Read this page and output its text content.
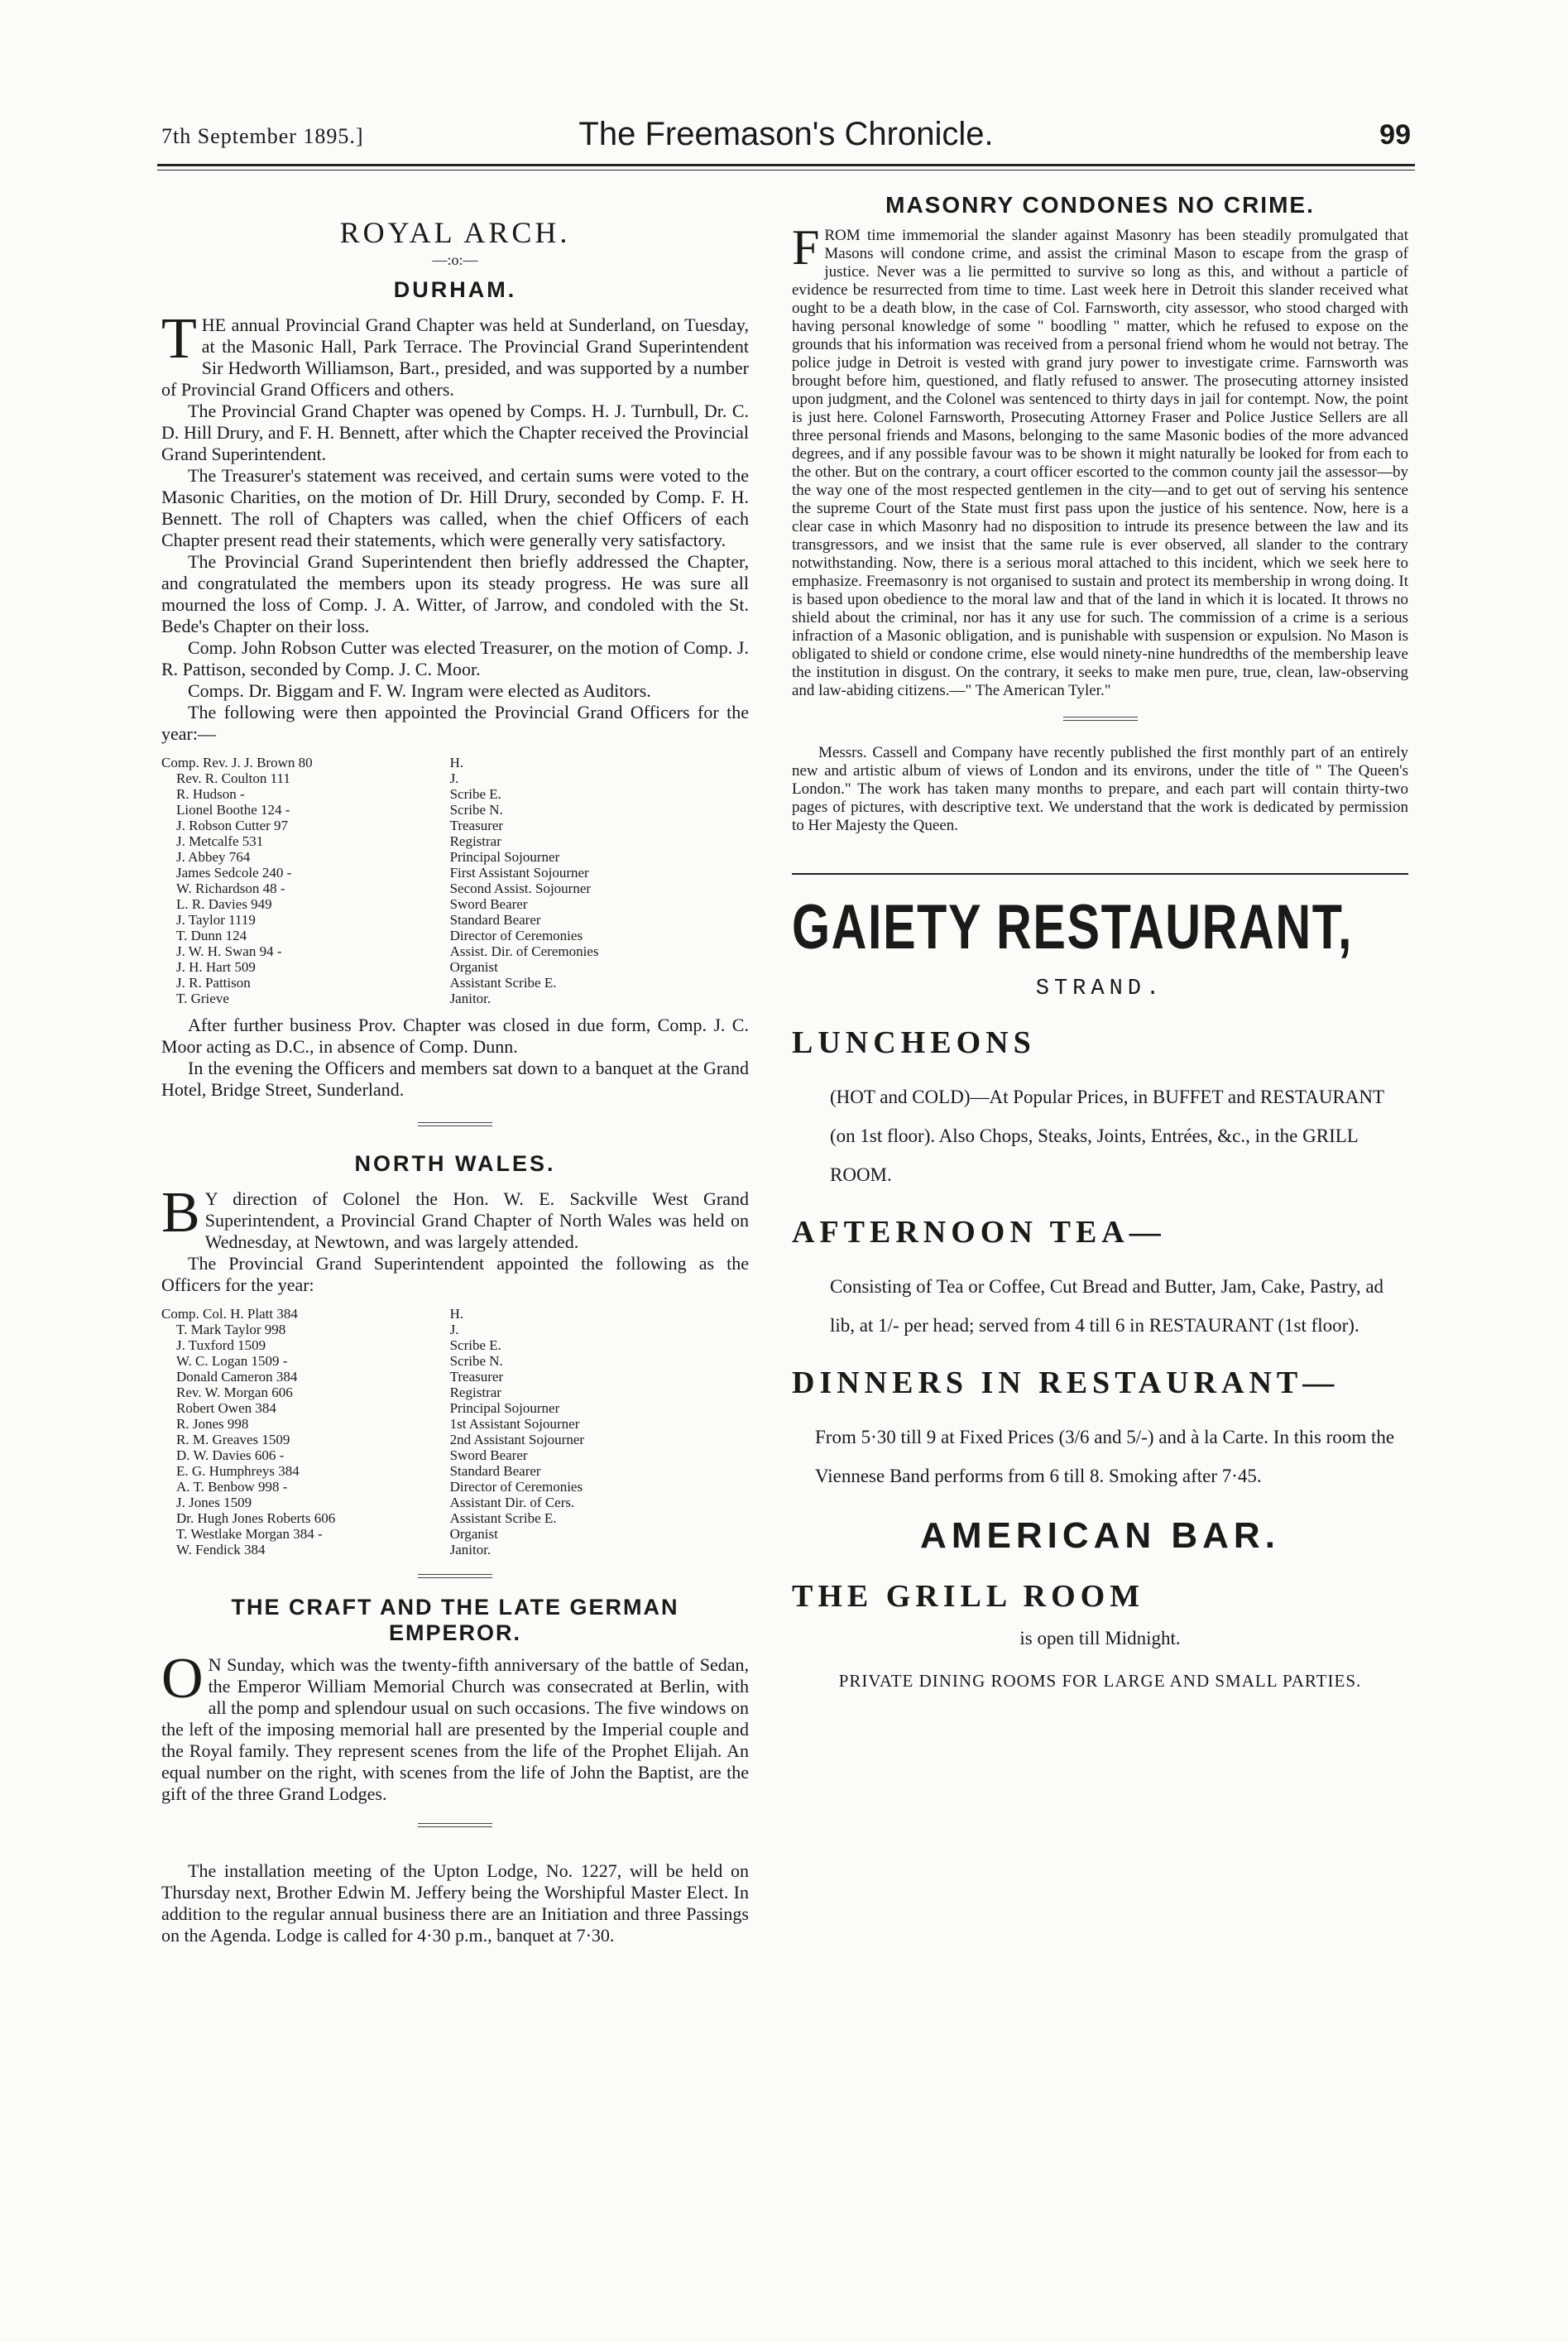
7th September 1895.]	The Freemason's Chronicle.	99
ROYAL ARCH.
—:o:—
DURHAM.

THE annual Provincial Grand Chapter was held at Sunderland, on Tuesday, at the Masonic Hall, Park Terrace. The Provincial Grand Superintendent Sir Hedworth Williamson, Bart., presided, and was supported by a number of Provincial Grand Officers and others.

The Provincial Grand Chapter was opened by Comps. H. J. Turnbull, Dr. C. D. Hill Drury, and F. H. Bennett, after which the Chapter received the Provincial Grand Superintendent.

The Treasurer's statement was received, and certain sums were voted to the Masonic Charities, on the motion of Dr. Hill Drury, seconded by Comp. F. H. Bennett. The roll of Chapters was called, when the chief Officers of each Chapter present read their statements, which were generally very satisfactory.

The Provincial Grand Superintendent then briefly addressed the Chapter, and congratulated the members upon its steady progress. He was sure all mourned the loss of Comp. J. A. Witter, of Jarrow, and condoled with the St. Bede's Chapter on their loss.

Comp. John Robson Cutter was elected Treasurer, on the motion of Comp. J. R. Pattison, seconded by Comp. J. C. Moor.

Comps. Dr. Biggam and F. W. Ingram were elected as Auditors.

The following were then appointed the Provincial Grand Officers for the year:—

Comp. Rev. J. J. Brown 80	H.
Rev. R. Coulton 111	J.
R. Hudson -	Scribe E.
Lionel Boothe 124 -	Scribe N.
J. Robson Cutter 97	Treasurer
J. Metcalfe 531	Registrar
J. Abbey 764	Principal Sojourner
James Sedcole 240 -	First Assistant Sojourner
W. Richardson 48 -	Second Assist. Sojourner
L. R. Davies 949	Sword Bearer
J. Taylor 1119	Standard Bearer
T. Dunn 124	Director of Ceremonies
J. W. H. Swan 94 -	Assist. Dir. of Ceremonies
J. H. Hart 509	Organist
J. R. Pattison	Assistant Scribe E.
T. Grieve	Janitor.

After further business Prov. Chapter was closed in due form, Comp. J. C. Moor acting as D.C., in absence of Comp. Dunn.

In the evening the Officers and members sat down to a banquet at the Grand Hotel, Bridge Street, Sunderland.

NORTH WALES.

B Y direction of Colonel the Hon. W. E. Sackville West Grand Superintendent, a Provincial Grand Chapter of North Wales was held on Wednesday, at Newtown, and was largely attended.

The Provincial Grand Superintendent appointed the following as the Officers for the year:

Comp. Col. H. Platt 384	H.
T. Mark Taylor 998	J.
J. Tuxford 1509	Scribe E.
W. C. Logan 1509 -	Scribe N.
Donald Cameron 384	Treasurer
Rev. W. Morgan 606	Registrar
Robert Owen 384	Principal Sojourner
R. Jones 998	1st Assistant Sojourner
R. M. Greaves 1509	2nd Assistant Sojourner
D. W. Davies 606 -	Sword Bearer
E. G. Humphreys 384	Standard Bearer
A. T. Benbow 998 -	Director of Ceremonies
J. Jones 1509	Assistant Dir. of Cers.
Dr. Hugh Jones Roberts 606	Assistant Scribe E.
T. Westlake Morgan 384 -	Organist
W. Fendick 384	Janitor.
THE CRAFT AND THE LATE GERMAN EMPEROR.

O N Sunday, which was the twenty-fifth anniversary of the battle of Sedan, the Emperor William Memorial Church was consecrated at Berlin, with all the pomp and splendour usual on such occasions. The five windows on the left of the imposing memorial hall are presented by the Imperial couple and the Royal family. They represent scenes from the life of the Prophet Elijah. An equal number on the right, with scenes from the life of John the Baptist, are the gift of the three Grand Lodges.

The installation meeting of the Upton Lodge, No. 1227, will be held on Thursday next, Brother Edwin M. Jeffery being the Worshipful Master Elect. In addition to the regular annual business there are an Initiation and three Passings on the Agenda. Lodge is called for 4·30 p.m., banquet at 7·30.

MASONRY CONDONES NO CRIME.

FROM time immemorial the slander against Masonry has been steadily promulgated that Masons will condone crime, and assist the criminal Mason to escape from the grasp of justice. Never was a lie permitted to survive so long as this, and without a particle of evidence be resurrected from time to time. Last week here in Detroit this slander received what ought to be a death blow, in the case of Col. Farnsworth, city assessor, who stood charged with having personal knowledge of some " boodling " matter, which he refused to expose on the grounds that his information was received from a personal friend whom he would not betray. The police judge in Detroit is vested with grand jury power to investigate crime. Farnsworth was brought before him, questioned, and flatly refused to answer. The prosecuting attorney insisted upon judgment, and the Colonel was sentenced to thirty days in jail for contempt. Now, the point is just here. Colonel Farnsworth, Prosecuting Attorney Fraser and Police Justice Sellers are all three personal friends and Masons, belonging to the same Masonic bodies of the more advanced degrees, and if any possible favour was to be shown it might naturally be looked for from each to the other. But on the contrary, a court officer escorted to the common county jail the assessor—by the way one of the most respected gentlemen in the city—and to get out of serving his sentence the supreme Court of the State must first pass upon the justice of his sentence. Now, here is a clear case in which Masonry had no disposition to intrude its presence between the law and its transgressors, and we insist that the same rule is ever observed, all slander to the contrary notwithstanding. Now, there is a serious moral attached to this incident, which we seek here to emphasize. Freemasonry is not organised to sustain and protect its membership in wrong doing. It is based upon obedience to the moral law and that of the land in which it is located. It throws no shield about the criminal, nor has it any use for such. The commission of a crime is a serious infraction of a Masonic obligation, and is punishable with suspension or expulsion. No Mason is obligated to shield or condone crime, else would ninety-nine hundredths of the membership leave the institution in disgust. On the contrary, it seeks to make men pure, true, clean, law-observing and law-abiding citizens.—" The American Tyler."

Messrs. Cassell and Company have recently published the first monthly part of an entirely new and artistic album of views of London and its environs, under the title of " The Queen's London." The work has taken many months to prepare, and each part will contain thirty-two pages of pictures, with descriptive text. We understand that the work is dedicated by permission to Her Majesty the Queen.

GAIETY RESTAURANT,
STRAND.
LUNCHEONS
(HOT and COLD)—At Popular Prices, in BUFFET and RESTAURANT (on 1st floor). Also Chops, Steaks, Joints, Entrées, &c., in the GRILL ROOM.
AFTERNOON TEA—
Consisting of Tea or Coffee, Cut Bread and Butter, Jam, Cake, Pastry, ad lib, at 1/- per head; served from 4 till 6 in RESTAURANT (1st floor).
DINNERS IN RESTAURANT—
From 5·30 till 9 at Fixed Prices (3/6 and 5/-) and à la Carte. In this room the Viennese Band performs from 6 till 8. Smoking after 7·45.
AMERICAN BAR.
THE GRILL ROOM
is open till Midnight.
PRIVATE DINING ROOMS FOR LARGE AND SMALL PARTIES.
